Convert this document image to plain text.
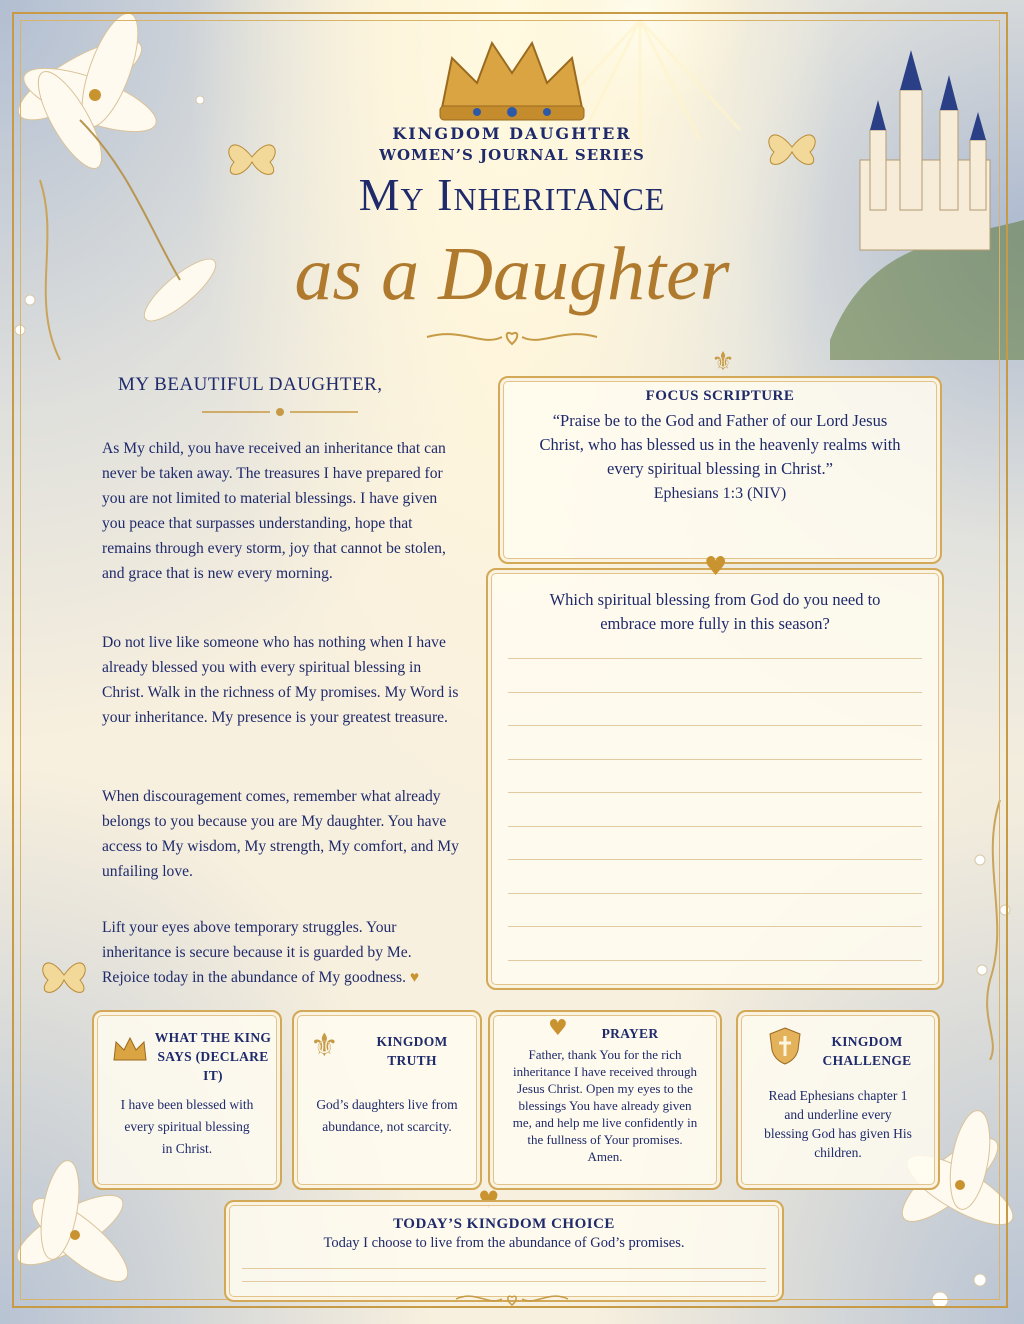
KINGDOM DAUGHTER
WOMEN’S JOURNAL SERIES
My Inheritance
as a Daughter
MY BEAUTIFUL DAUGHTER,
As My child, you have received an inheritance that can never be taken away. The treasures I have prepared for you are not limited to material blessings. I have given you peace that surpasses understanding, hope that remains through every storm, joy that cannot be stolen, and grace that is new every morning.
Do not live like someone who has nothing when I have already blessed you with every spiritual blessing in Christ. Walk in the richness of My promises. My Word is your inheritance. My presence is your greatest treasure.
When discouragement comes, remember what already belongs to you because you are My daughter. You have access to My wisdom, My strength, My comfort, and My unfailing love.
Lift your eyes above temporary struggles. Your inheritance is secure because it is guarded by Me. Rejoice today in the abundance of My goodness. ♥
⚜
FOCUS SCRIPTURE
“Praise be to the God and Father of our Lord Jesus Christ, who has blessed us in the heavenly realms with every spiritual blessing in Christ.”
Ephesians 1:3 (NIV)
Which spiritual blessing from God do you need to embrace more fully in this season?
♥
WHAT THE KING SAYS (DECLARE IT)
I have been blessed with every spiritual blessing in Christ.
⚜	KINGDOM TRUTH
God’s daughters live from abundance, not scarcity.
♥	PRAYER
Father, thank You for the rich inheritance I have received through Jesus Christ. Open my eyes to the blessings You have already given me, and help me live confidently in the fullness of Your promises. Amen.
KINGDOM CHALLENGE
Read Ephesians chapter 1 and underline every blessing God has given His children.
TODAY’S KINGDOM CHOICE
Today I choose to live from the abundance of God’s promises.
